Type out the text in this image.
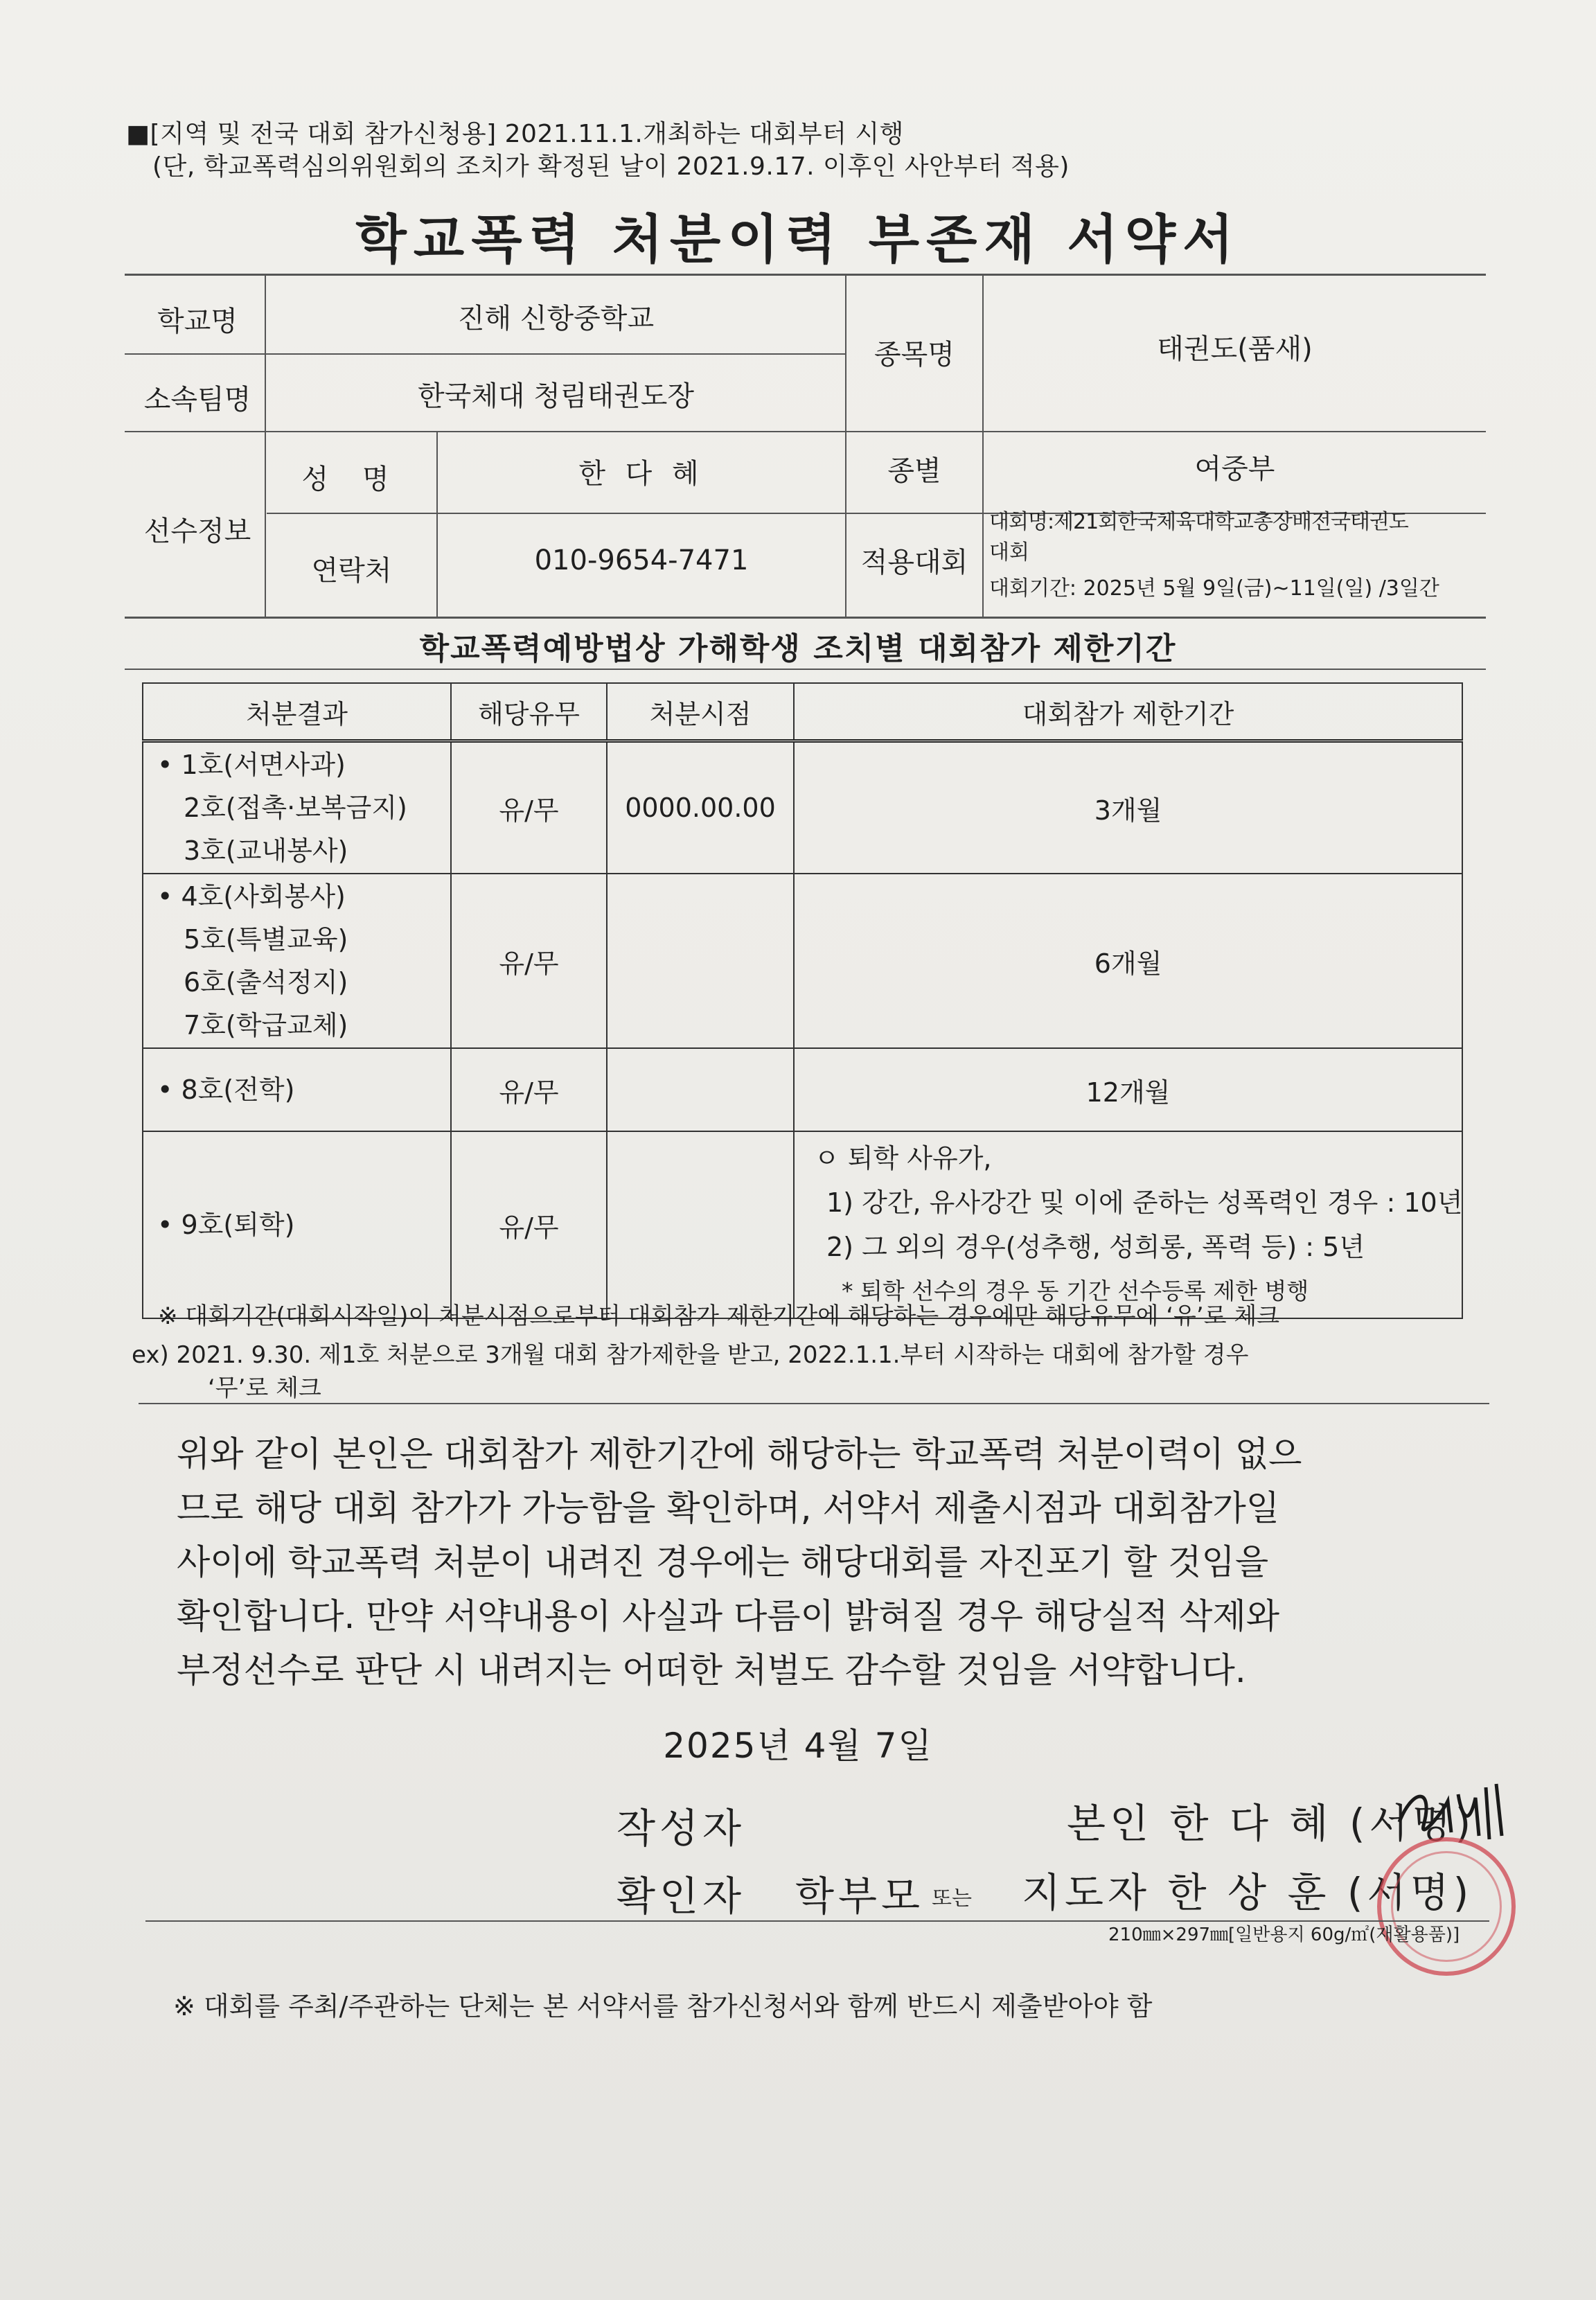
■[지역 및 전국 대회 참가신청용] 2021.11.1.개최하는 대회부터 시행
(단, 학교폭력심의위원회의 조치가 확정된 날이 2021.9.17. 이후인 사안부터 적용)
학교폭력 처분이력 부존재 서약서
학교명	진해 신항중학교
소속팀명	한국체대 청림태권도장
종목명	태권도(품새)
선수정보
성 명	한 다 혜	종별	여중부
연락처	010-9654-7471	적용대회
대회명:제21회한국체육대학교총장배전국태권도
대회
대회기간: 2025년 5월 9일(금)~11일(일) /3일간
학교폭력예방법상 가해학생 조치별 대회참가 제한기간
처분결과	해당유무	처분시점	대회참가 제한기간

• 1호(서면사과)
2호(접촉·보복금지)
3호(교내봉사)	유/무	0000.00.00	3개월

• 4호(사회봉사)
5호(특별교육)
6호(출석정지)
7호(학급교체)	유/무		6개월

• 8호(전학)	유/무		12개월

• 9호(퇴학)	유/무		ㅇ 퇴학 사유가,
1) 강간, 유사강간 및 이에 준하는 성폭력인 경우 : 10년
2) 그 외의 경우(성추행, 성희롱, 폭력 등) : 5년
* 퇴학 선수의 경우 동 기간 선수등록 제한 병행
※ 대회기간(대회시작일)이 처분시점으로부터 대회참가 제한기간에 해당하는 경우에만 해당유무에 ‘유’로 체크
ex) 2021. 9.30. 제1호 처분으로 3개월 대회 참가제한을 받고, 2022.1.1.부터 시작하는 대회에 참가할 경우
‘무’로 체크
위와 같이 본인은 대회참가 제한기간에 해당하는 학교폭력 처분이력이 없으
므로 해당 대회 참가가 가능함을 확인하며, 서약서 제출시점과 대회참가일
사이에 학교폭력 처분이 내려진 경우에는 해당대회를 자진포기 할 것임을
확인합니다. 만약 서약내용이 사실과 다름이 밝혀질 경우 해당실적 삭제와
부정선수로 판단 시 내려지는 어떠한 처벌도 감수할 것임을 서약합니다.
2025년 4월 7일
작성자	본인 한 다 혜 (서명)
확인자 학부모 또는 지도자 한 상 훈 (서명)
210㎜×297㎜[일반용지 60g/㎡(재활용품)]
※ 대회를 주최/주관하는 단체는 본 서약서를 참가신청서와 함께 반드시 제출받아야 함
